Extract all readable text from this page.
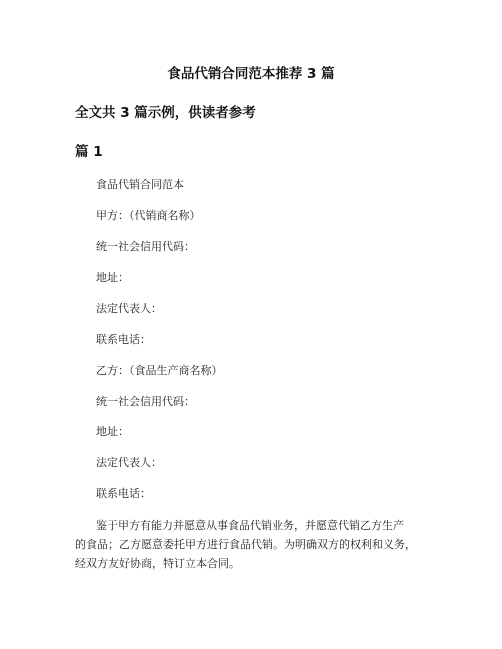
食品代销合同范本推荐 3 篇
全文共 3 篇示例，供读者参考
篇 1
食品代销合同范本
甲方：（代销商名称）
统一社会信用代码：
地址：
法定代表人：
联系电话：
乙方：（食品生产商名称）
统一社会信用代码：
地址：
法定代表人：
联系电话：
鉴于甲方有能力并愿意从事食品代销业务，并愿意代销乙方生产
的食品；乙方愿意委托甲方进行食品代销。为明确双方的权利和义务，
经双方友好协商，特订立本合同。
